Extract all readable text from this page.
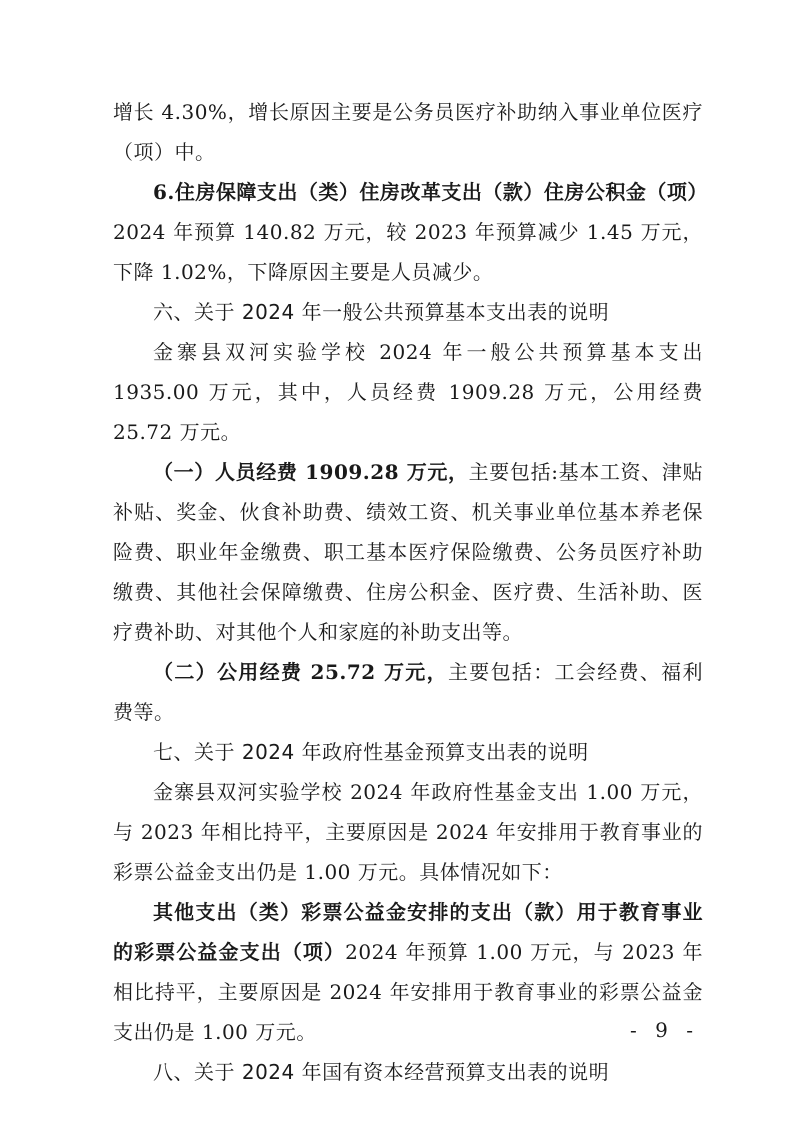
增长 4.30%，增长原因主要是公务员医疗补助纳入事业单位医疗（项）中。

6.住房保障支出（类）住房改革支出（款）住房公积金（项）2024 年预算 140.82 万元，较 2023 年预算减少 1.45 万元，下降 1.02%，下降原因主要是人员减少。

六、关于 2024 年一般公共预算基本支出表的说明

金寨县双河实验学校 2024 年一般公共预算基本支出 1935.00 万元，其中，人员经费 1909.28 万元，公用经费 25.72 万元。

（一）人员经费 1909.28 万元，主要包括:基本工资、津贴补贴、奖金、伙食补助费、绩效工资、机关事业单位基本养老保险费、职业年金缴费、职工基本医疗保险缴费、公务员医疗补助缴费、其他社会保障缴费、住房公积金、医疗费、生活补助、医疗费补助、对其他个人和家庭的补助支出等。

（二）公用经费 25.72 万元，主要包括：工会经费、福利费等。

七、关于 2024 年政府性基金预算支出表的说明

金寨县双河实验学校 2024 年政府性基金支出 1.00 万元，与 2023 年相比持平，主要原因是 2024 年安排用于教育事业的彩票公益金支出仍是 1.00 万元。具体情况如下：

其他支出（类）彩票公益金安排的支出（款）用于教育事业的彩票公益金支出（项）2024 年预算 1.00 万元，与 2023 年相比持平，主要原因是 2024 年安排用于教育事业的彩票公益金支出仍是 1.00 万元。

八、关于 2024 年国有资本经营预算支出表的说明

- 9 -
